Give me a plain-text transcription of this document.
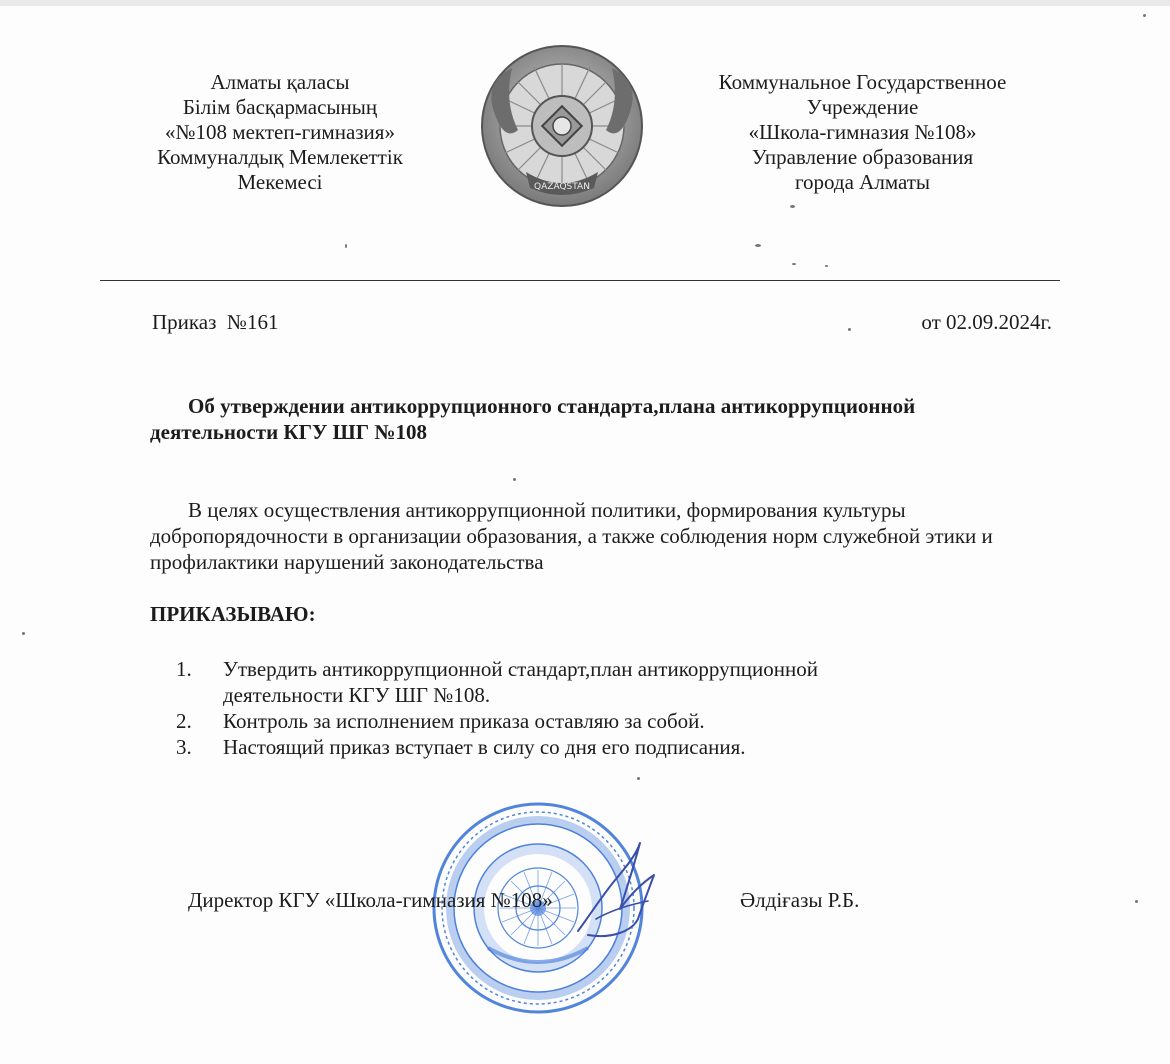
Алматы қаласы
Білім басқармасының
«№108 мектеп-гимназия»
Коммуналдық Мемлекеттік
Мекемесі	QAZAQSTAN
Коммунальное Государственное
Учреждение
«Школа-гимназия №108»
Управление образования
города Алматы
Приказ  №161	от 02.09.2024г.
Об утверждении антикоррупционного стандарта,плана антикоррупционной деятельности КГУ ШГ №108
В целях осуществления антикоррупционной политики, формирования культуры добропорядочности в организации образования, а также соблюдения норм служебной этики и профилактики нарушений законодательства
ПРИКАЗЫВАЮ:
1. Утвердить антикоррупционной стандарт,план антикоррупционной деятельности КГУ ШГ №108.
2. Контроль за исполнением приказа оставляю за собой.
3. Настоящий приказ вступает в силу со дня его подписания.
Директор КГУ «Школа-гимназия №108»	Әлдіғазы Р.Б.
